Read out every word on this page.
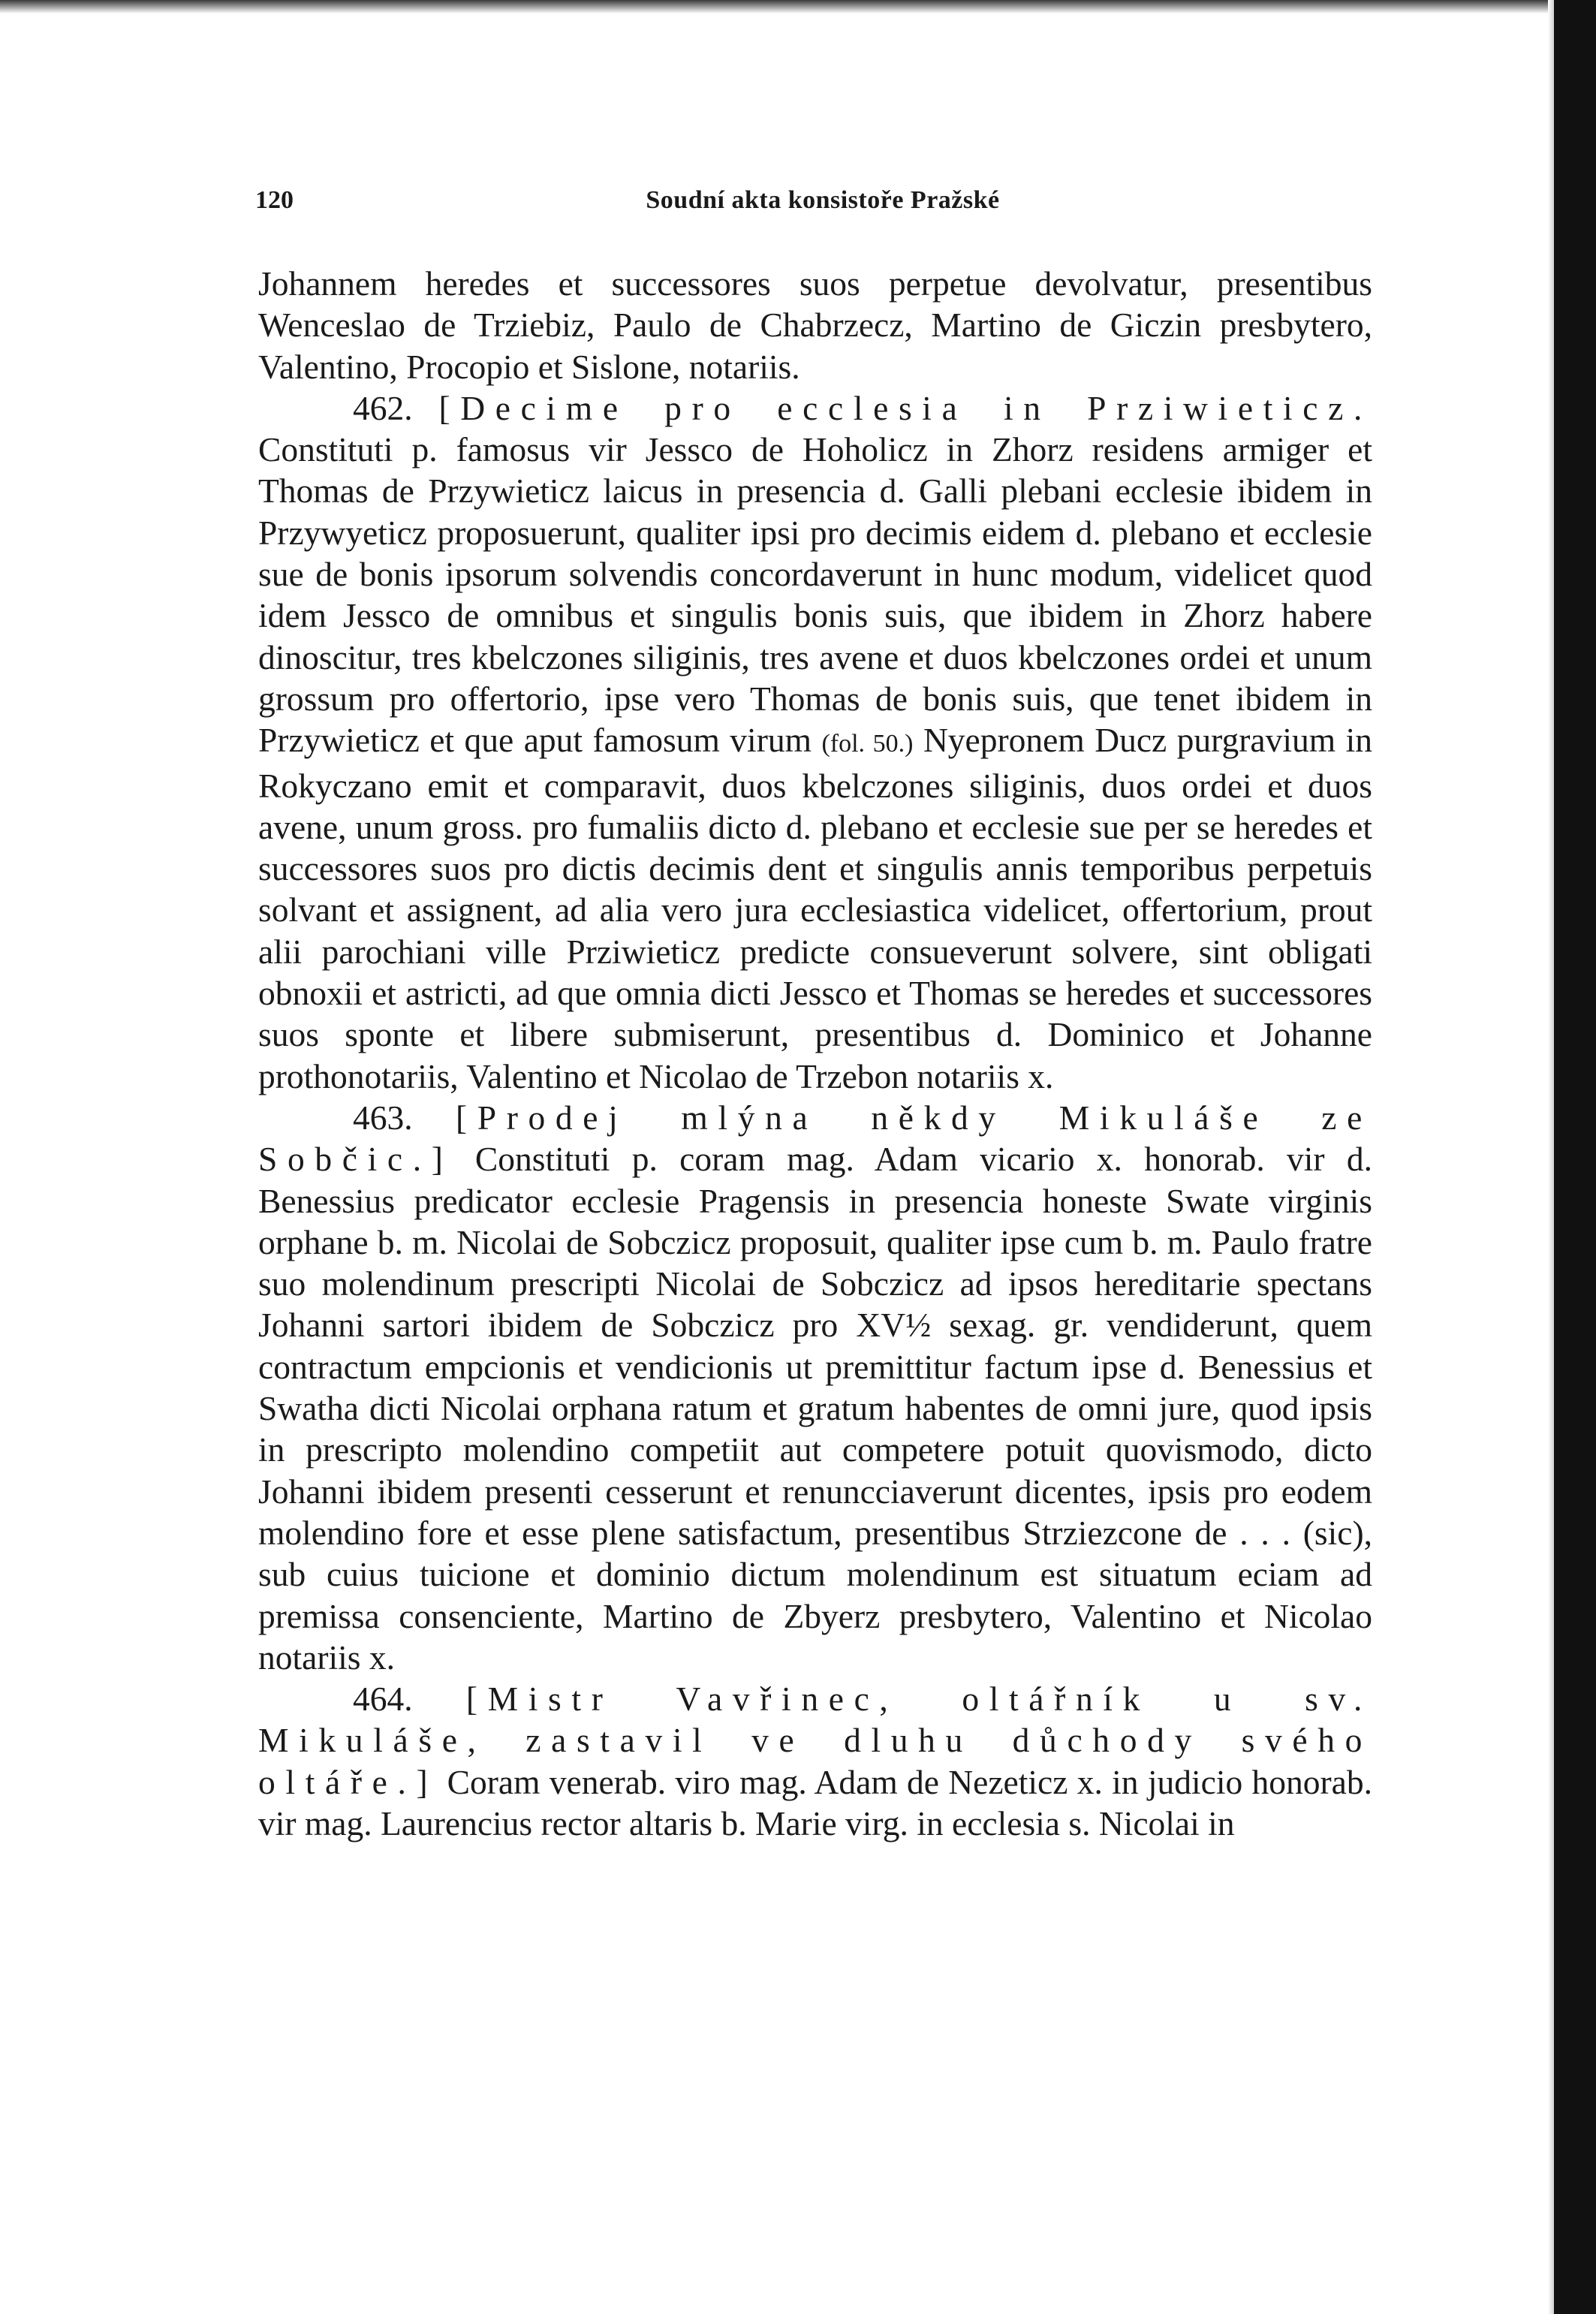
120	Soudní akta konsistoře Pražské

Johannem heredes et successores suos perpetue devolvatur, presentibus Wenceslao de Trziebiz, Paulo de Chabrzecz, Martino de Giczin presbytero, Valentino, Procopio et Sislone, notariis.

462. [Decime pro ecclesia in Prziwieticz. Constituti p. famosus vir Jessco de Hoholicz in Zhorz residens armiger et Thomas de Przywieticz laicus in presencia d. Galli plebani ecclesie ibidem in Przywyeticz proposuerunt, qualiter ipsi pro decimis eidem d. plebano et ecclesie sue de bonis ipsorum solvendis concordaverunt in hunc modum, videlicet quod idem Jessco de omnibus et singulis bonis suis, que ibidem in Zhorz habere dinoscitur, tres kbelczones siliginis, tres avene et duos kbelczones ordei et unum grossum pro offertorio, ipse vero Thomas de bonis suis, que tenet ibidem in Przywieticz et que aput famosum virum (fol. 50.) Nyepronem Ducz purgravium in Rokyczano emit et comparavit, duos kbelczones siliginis, duos ordei et duos avene, unum gross. pro fumaliis dicto d. plebano et ecclesie sue per se heredes et successores suos pro dictis decimis dent et singulis annis temporibus perpetuis solvant et assignent, ad alia vero jura ecclesiastica videlicet, offertorium, prout alii parochiani ville Prziwieticz predicte consueverunt solvere, sint obligati obnoxii et astricti, ad que omnia dicti Jessco et Thomas se heredes et successores suos sponte et libere submiserunt, presentibus d. Dominico et Johanne prothonotariis, Valentino et Nicolao de Trzebon notariis x.

463. [Prodej mlýna někdy Mikuláše ze Sobčic.] Constituti p. coram mag. Adam vicario x. honorab. vir d. Benessius predicator ecclesie Pragensis in presencia honeste Swate virginis orphane b. m. Nicolai de Sobczicz proposuit, qualiter ipse cum b. m. Paulo fratre suo molendinum prescripti Nicolai de Sobczicz ad ipsos hereditarie spectans Johanni sartori ibidem de Sobczicz pro XV½ sexag. gr. vendiderunt, quem contractum empcionis et vendicionis ut premittitur factum ipse d. Benessius et Swatha dicti Nicolai orphana ratum et gratum habentes de omni jure, quod ipsis in prescripto molendino competiit aut competere potuit quovismodo, dicto Johanni ibidem presenti cesserunt et renuncciaverunt dicentes, ipsis pro eodem molendino fore et esse plene satisfactum, presentibus Strziezcone de . . . (sic), sub cuius tuicione et dominio dictum molendinum est situatum eciam ad premissa consenciente, Martino de Zbyerz presbytero, Valentino et Nicolao notariis x.

464. [Mistr Vavřinec, oltářník u sv. Mikuláše, zastavil ve dluhu důchody svého oltáře.] Coram venerab. viro mag. Adam de Nezeticz x. in judicio honorab. vir mag. Laurencius rector altaris b. Marie virg. in ecclesia s. Nicolai in
